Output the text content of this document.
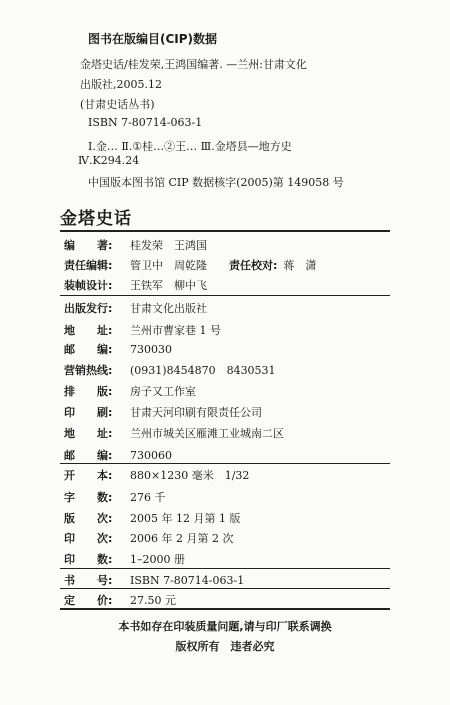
图书在版编目(CIP)数据
金塔史话/桂发荣,王鸿国编著. —兰州:甘肃文化
出版社,2005.12
(甘肃史话丛书)
ISBN 7-80714-063-1
Ⅰ.金… Ⅱ.①桂…②王… Ⅲ.金塔县—地方史
Ⅳ.K294.24
中国版本图书馆 CIP 数据核字(2005)第 149058 号
金塔史话
编　　著: 桂发荣　王鸿国
责任编辑: 管卫中　周乾隆 责任校对: 蒋　潇
装帧设计: 王铁军　柳中飞
出版发行: 甘肃文化出版社
地　　址: 兰州市曹家巷 1 号
邮　　编: 730030
营销热线: (0931)8454870　8430531
排　　版: 房子又工作室
印　　刷: 甘肃天河印刷有限责任公司
地　　址: 兰州市城关区雁滩工业城南二区
邮　　编: 730060
开　　本: 880×1230 毫米　1/32
字　　数: 276 千
版　　次: 2005 年 12 月第 1 版
印　　次: 2006 年 2 月第 2 次
印　　数: 1–2000 册
书　　号: ISBN 7-80714-063-1
定　　价: 27.50 元
本书如存在印装质量问题,请与印厂联系调换
版权所有　违者必究
